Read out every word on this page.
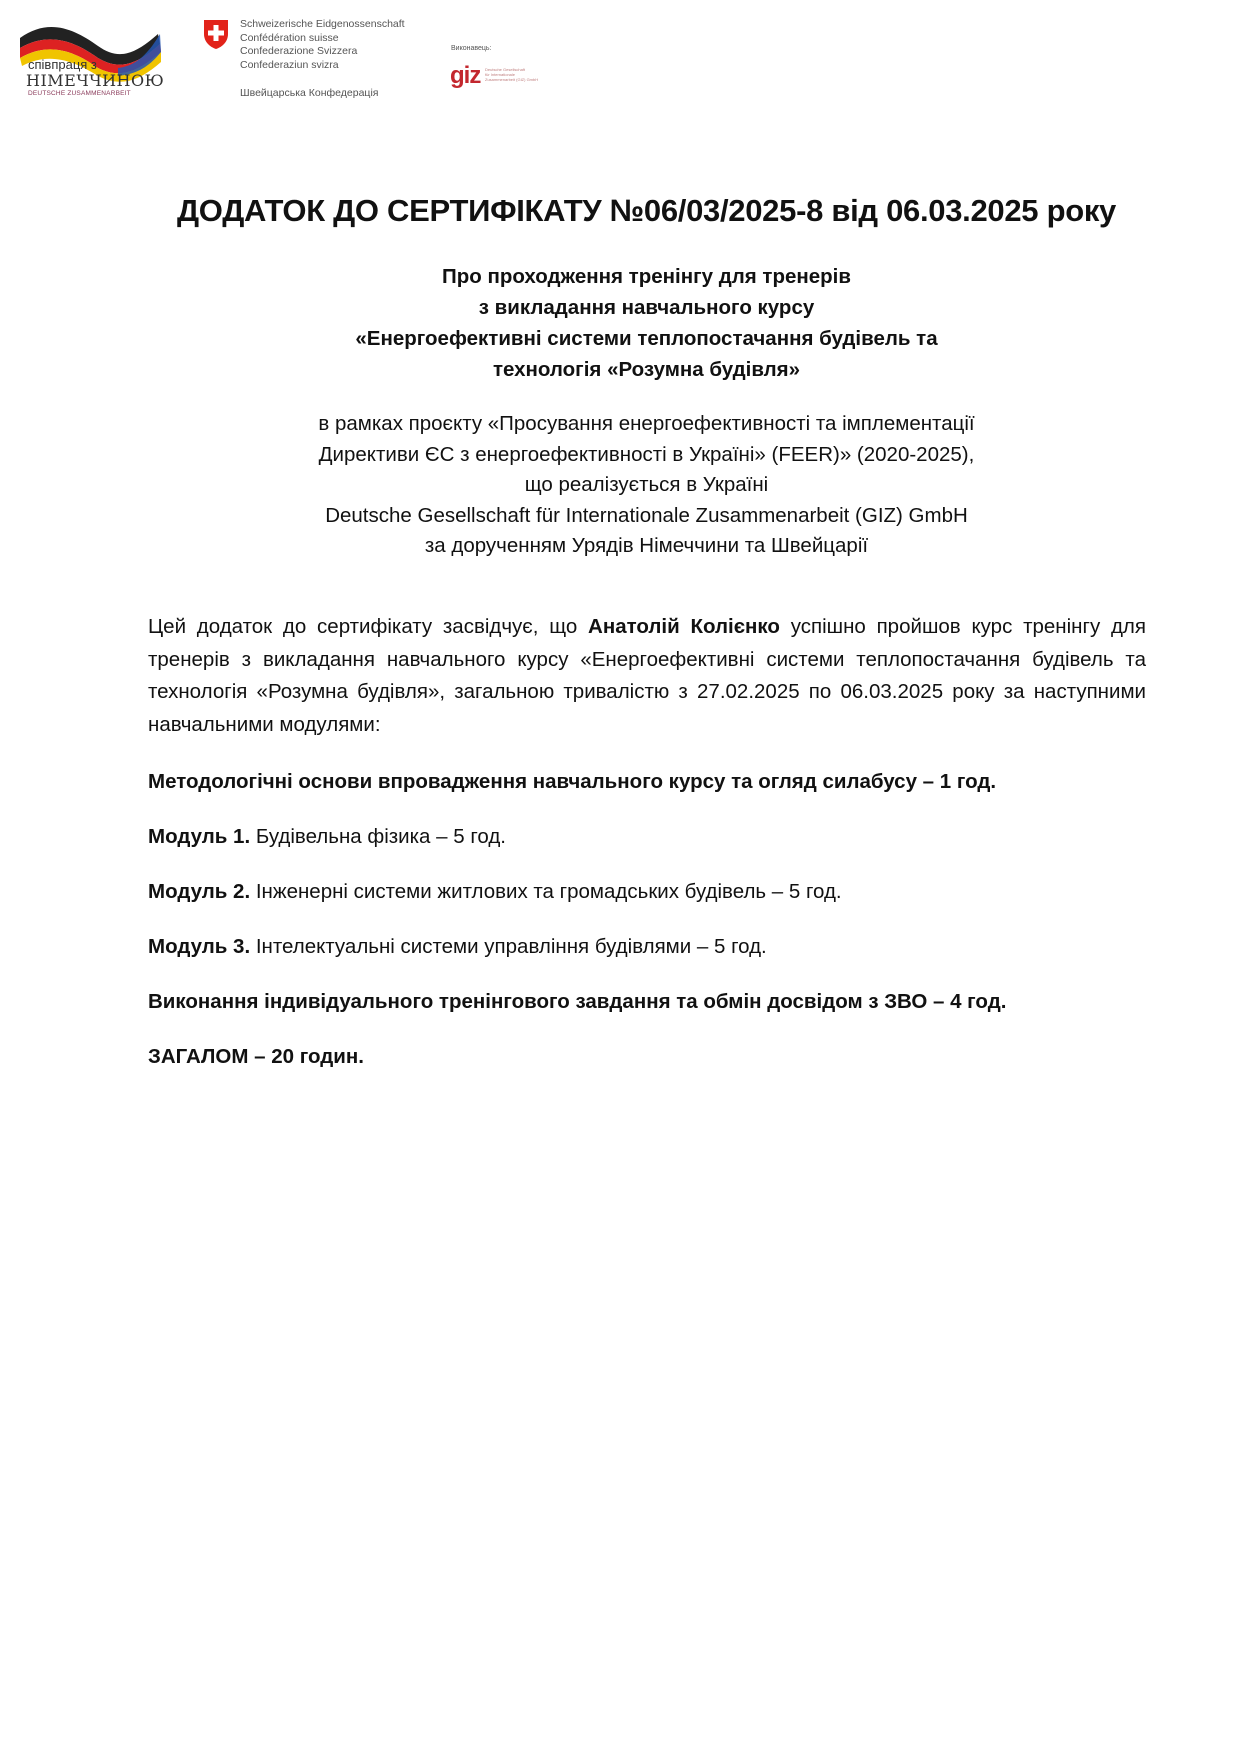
співпраця з
НІМЕЧЧИНОЮ
DEUTSCHE ZUSAMMENARBEIT
Schweizerische Eidgenossenschaft
Confédération suisse
Confederazione Svizzera
Confederaziun svizra
Швейцарська Конфедерація
Виконавець:
giz Deutsche Gesellschaft
für Internationale
Zusammenarbeit (GIZ) GmbH
ДОДАТОК ДО СЕРТИФІКАТУ №06/03/2025-8 від 06.03.2025 року
Про проходження тренінгу для тренерів
з викладання навчального курсу
«Енергоефективні системи теплопостачання будівель та
технологія «Розумна будівля»
в рамках проєкту «Просування енергоефективності та імплементації
Директиви ЄС з енергоефективності в Україні» (FEER)» (2020-2025),
що реалізується в Україні
Deutsche Gesellschaft für Internationale Zusammenarbeit (GIZ) GmbH
за дорученням Урядів Німеччини та Швейцарії
Цей додаток до сертифікату засвідчує, що Анатолій Колієнко успішно пройшов курс тренінгу для тренерів з викладання навчального курсу «Енергоефективні системи теплопостачання будівель та технологія «Розумна будівля», загальною тривалістю з 27.02.2025 по 06.03.2025 року за наступними навчальними модулями:
Методологічні основи впровадження навчального курсу та огляд силабусу – 1 год.
Модуль 1. Будівельна фізика – 5 год.
Модуль 2. Інженерні системи житлових та громадських будівель – 5 год.
Модуль 3. Інтелектуальні системи управління будівлями – 5 год.
Виконання індивідуального тренінгового завдання та обмін досвідом з ЗВО – 4 год.
ЗАГАЛОМ – 20 годин.
